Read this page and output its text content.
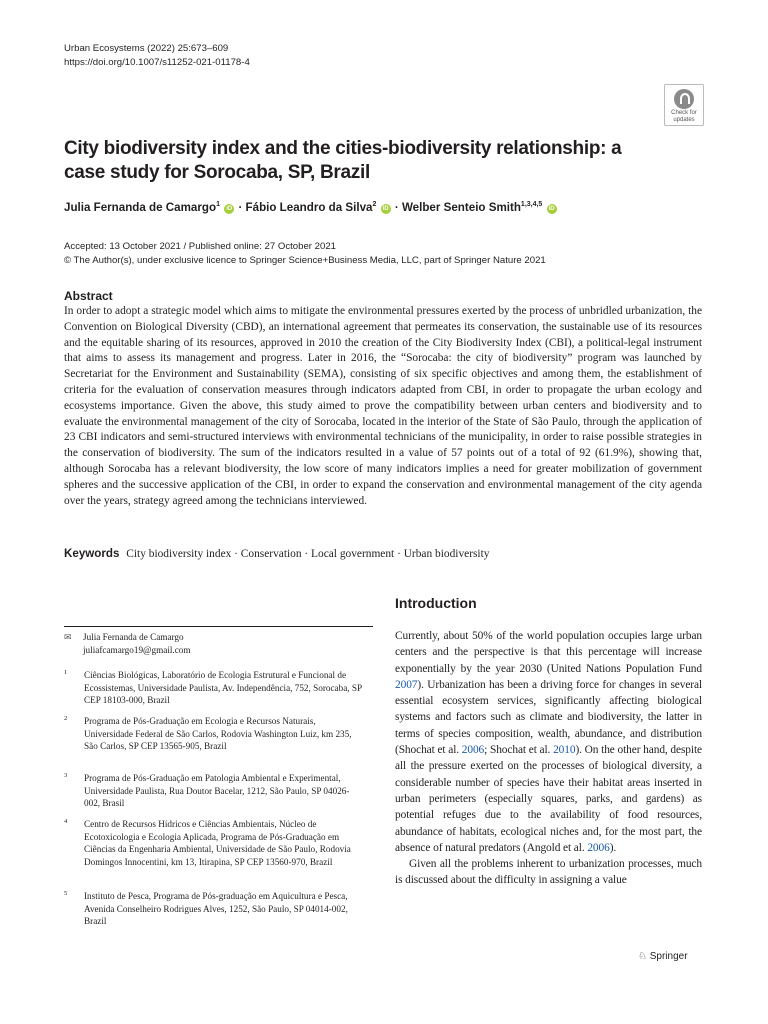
Urban Ecosystems (2022) 25:673–609
https://doi.org/10.1007/s11252-021-01178-4
Check for
updates
City biodiversity index and the cities-biodiversity relationship: a case study for Sorocaba, SP, Brazil
Julia Fernanda de Camargo$^1$ iD · Fábio Leandro da Silva$^2$ iD · Welber Senteio Smith$^{1,3,4,5}$ iD
Accepted: 13 October 2021 / Published online: 27 October 2021
© The Author(s), under exclusive licence to Springer Science+Business Media, LLC, part of Springer Nature 2021
Abstract
In order to adopt a strategic model which aims to mitigate the environmental pressures exerted by the process of unbridled urbanization, the Convention on Biological Diversity (CBD), an international agreement that permeates its conservation, the sustainable use of its resources and the equitable sharing of its resources, approved in 2010 the creation of the City Biodiversity Index (CBI), a political-legal instrument that aims to assess its management and progress. Later in 2016, the “Sorocaba: the city of biodiversity” program was launched by Secretariat for the Environment and Sustainability (SEMA), consisting of six specific objectives and among them, the establishment of criteria for the evaluation of conservation measures through indicators adapted from CBI, in order to propagate the urban ecology and ecosystems importance. Given the above, this study aimed to prove the compatibility between urban centers and biodiversity and to evaluate the environmental management of the city of Sorocaba, located in the interior of the State of São Paulo, through the application of 23 CBI indicators and semi-structured interviews with environmental technicians of the municipality, in order to raise possible strategies in the conservation of biodiversity. The sum of the indicators resulted in a value of 57 points out of a total of 92 (61.9%), showing that, although Sorocaba has a relevant biodiversity, the low score of many indicators implies a need for greater mobilization of government spheres and the successive application of the CBI, in order to expand the conservation and environmental management of the city agenda over the years, strategy agreed among the technicians interviewed.
Keywords City biodiversity index · Conservation · Local government · Urban biodiversity
Introduction

Currently, about 50% of the world population occupies large urban centers and the perspective is that this percentage will increase exponentially by the year 2030 (United Nations Population Fund 2007). Urbanization has been a driving force for changes in several essential ecosystem services, significantly affecting biological systems and factors such as climate and biodiversity, the latter in terms of species composition, wealth, abundance, and distribution (Shochat et al. 2006; Shochat et al. 2010). On the other hand, despite all the pressure exerted on the processes of biological diversity, a considerable number of species have their habitat areas inserted in urban perimeters (especially squares, parks, and gardens) as potential refuges due to the availability of food resources, abundance of habitats, ecological niches and, for the most part, the absence of natural predators (Angold et al. 2006).

Given all the problems inherent to urbanization processes, much is discussed about the difficulty in assigning a value

✉ Julia Fernanda de Camargo
juliafcamargo19@gmail.com
1 Ciências Biológicas, Laboratório de Ecologia Estrutural e Funcional de Ecossistemas, Universidade Paulista, Av. Independência, 752, Sorocaba, SP CEP 18103-000, Brazil
2 Programa de Pós-Graduação em Ecologia e Recursos Naturais, Universidade Federal de São Carlos, Rodovia Washington Luiz, km 235, São Carlos, SP CEP 13565-905, Brazil
3 Programa de Pós-Graduação em Patologia Ambiental e Experimental, Universidade Paulista, Rua Doutor Bacelar, 1212, São Paulo, SP 04026-002, Brasil
4 Centro de Recursos Hídricos e Ciências Ambientais, Núcleo de Ecotoxicologia e Ecologia Aplicada, Programa de Pós-Graduação em Ciências da Engenharia Ambiental, Universidade de São Paulo, Rodovia Domingos Innocentini, km 13, Itirapina, SP CEP 13560-970, Brazil
5 Instituto de Pesca, Programa de Pós-graduação em Aquicultura e Pesca, Avenida Conselheiro Rodrigues Alves, 1252, São Paulo, SP 04014-002, Brazil
♘ Springer
